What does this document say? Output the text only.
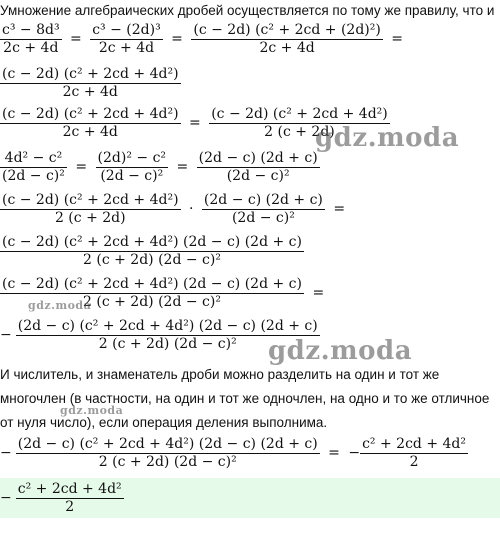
Умножение алгебраических дробей осуществляется по тому же правилу, что и
$\frac{\text{c³ − 8d³}}{2c + 4d} = \frac{\text{c³ − (2d)³}}{2c + 4d} = \frac{\text{(c − 2d) (c² + 2cd + (2d)²)}}{2c + 4d}$ =
$\frac{\text{(c − 2d) (c² + 2cd + 4d²)}}{2c + 4d}$
$\frac{\text{(c − 2d) (c² + 2cd + 4d²)}}{2c + 4d} = \frac{\text{(c − 2d) (c² + 2cd + 4d²)}}{2 (c + 2d)}$
gdz.moda
$\frac{\text{4d² − c²}}{\text{(2d − c)²}} = \frac{\text{(2d)² − c²}}{\text{(2d − c)²}} = \frac{(2d - c) (2d + c)}{\text{(2d − c)²}}$
$\frac{\text{(c − 2d) (c² + 2cd + 4d²)}}{2 (c + 2d)} \cdot \frac{(2d - c) (2d + c)}{\text{(2d − c)²}}$ =
$\frac{\text{(c − 2d) (c² + 2cd + 4d²) (2d − c) (2d + c)}}{\text{2 (c + 2d) (2d − c)²}}$
$\frac{\text{(c − 2d) (c² + 2cd + 4d²) (2d − c) (2d + c)}}{\text{2 (c + 2d) (2d − c)²}}$ =
gdz.moda
− $\frac{\text{(2d − c) (c² + 2cd + 4d²) (2d − c) (2d + c)}}{\text{2 (c + 2d) (2d − c)²}}$
gdz.moda
И числитель, и знаменатель дроби можно разделить на один и тот же
многочлен (в частности, на один и тот же одночлен, на одно и то же отличное
gdz.moda
от нуля число), если операция деления выполнима.
− $\frac{\text{(2d − c) (c² + 2cd + 4d²) (2d − c) (2d + c)}}{\text{2 (c + 2d) (2d − c)²}}$ = − $\frac{\text{c² + 2cd + 4d²}}{2}$
− $\frac{\text{c² + 2cd + 4d²}}{2}$
